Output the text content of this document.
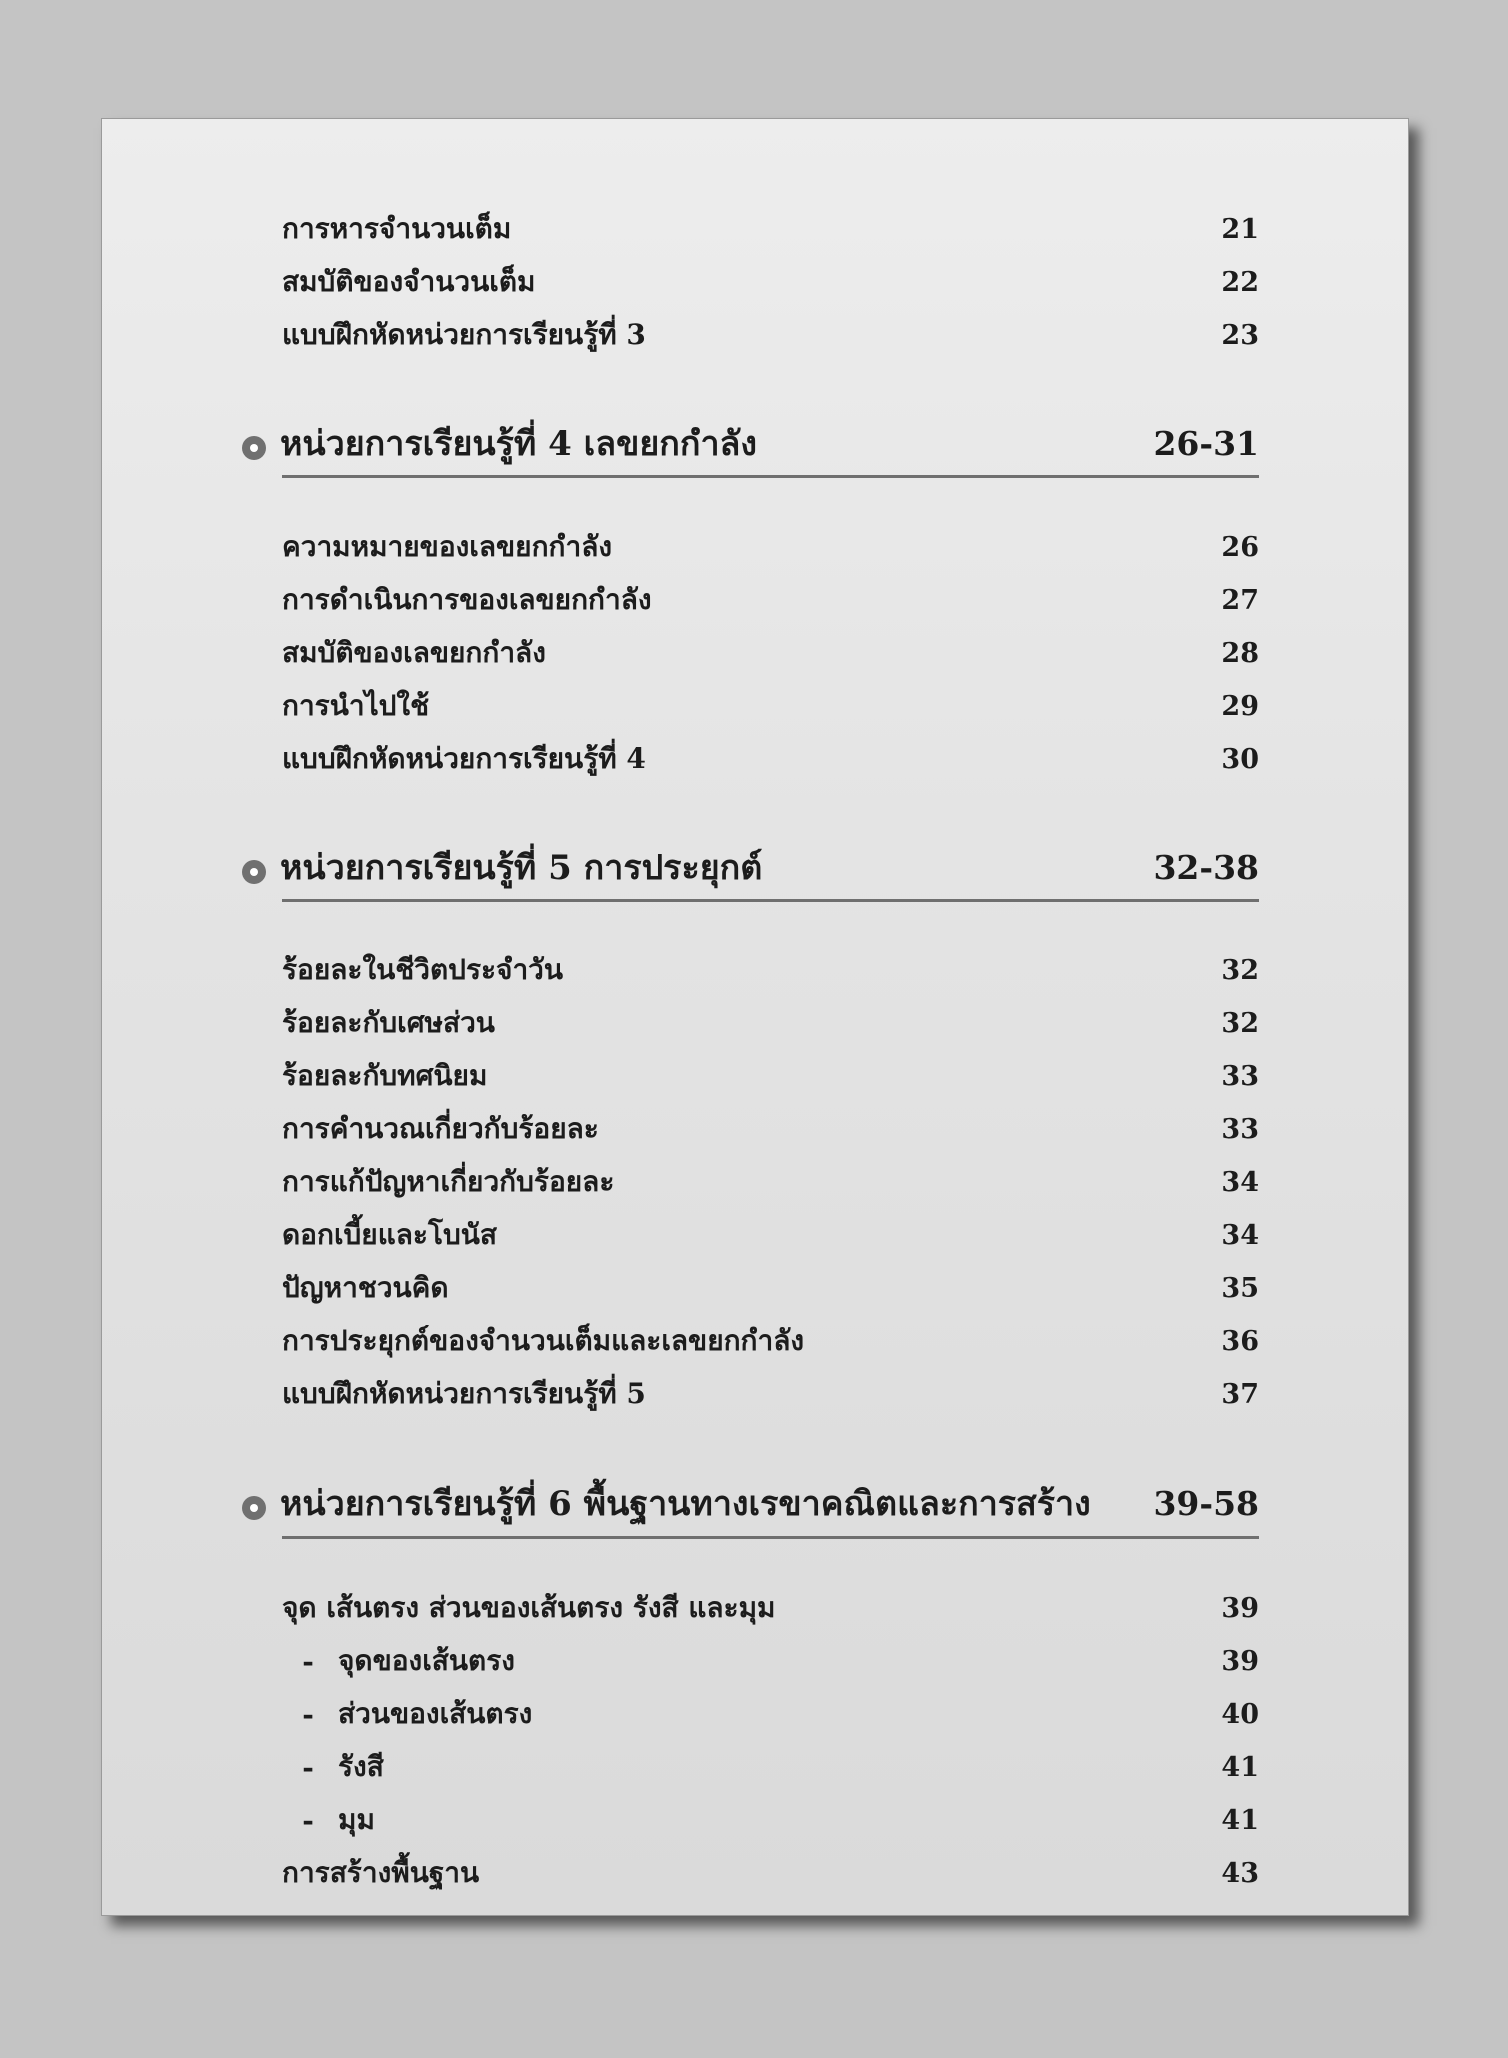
การหารจำนวนเต็ม	21
สมบัติของจำนวนเต็ม	22
แบบฝึกหัดหน่วยการเรียนรู้ที่ 3	23
หน่วยการเรียนรู้ที่ 4 เลขยกกำลัง	26-31
ความหมายของเลขยกกำลัง	26
การดำเนินการของเลขยกกำลัง	27
สมบัติของเลขยกกำลัง	28
การนำไปใช้	29
แบบฝึกหัดหน่วยการเรียนรู้ที่ 4	30
หน่วยการเรียนรู้ที่ 5 การประยุกต์	32-38
ร้อยละในชีวิตประจำวัน	32
ร้อยละกับเศษส่วน	32
ร้อยละกับทศนิยม	33
การคำนวณเกี่ยวกับร้อยละ	33
การแก้ปัญหาเกี่ยวกับร้อยละ	34
ดอกเบี้ยและโบนัส	34
ปัญหาชวนคิด	35
การประยุกต์ของจำนวนเต็มและเลขยกกำลัง	36
แบบฝึกหัดหน่วยการเรียนรู้ที่ 5	37
หน่วยการเรียนรู้ที่ 6 พื้นฐานทางเรขาคณิตและการสร้าง 39-58
จุด เส้นตรง ส่วนของเส้นตรง รังสี และมุม	39
- จุดของเส้นตรง	39
- ส่วนของเส้นตรง	40
- รังสี	41
- มุม	41
การสร้างพื้นฐาน	43
